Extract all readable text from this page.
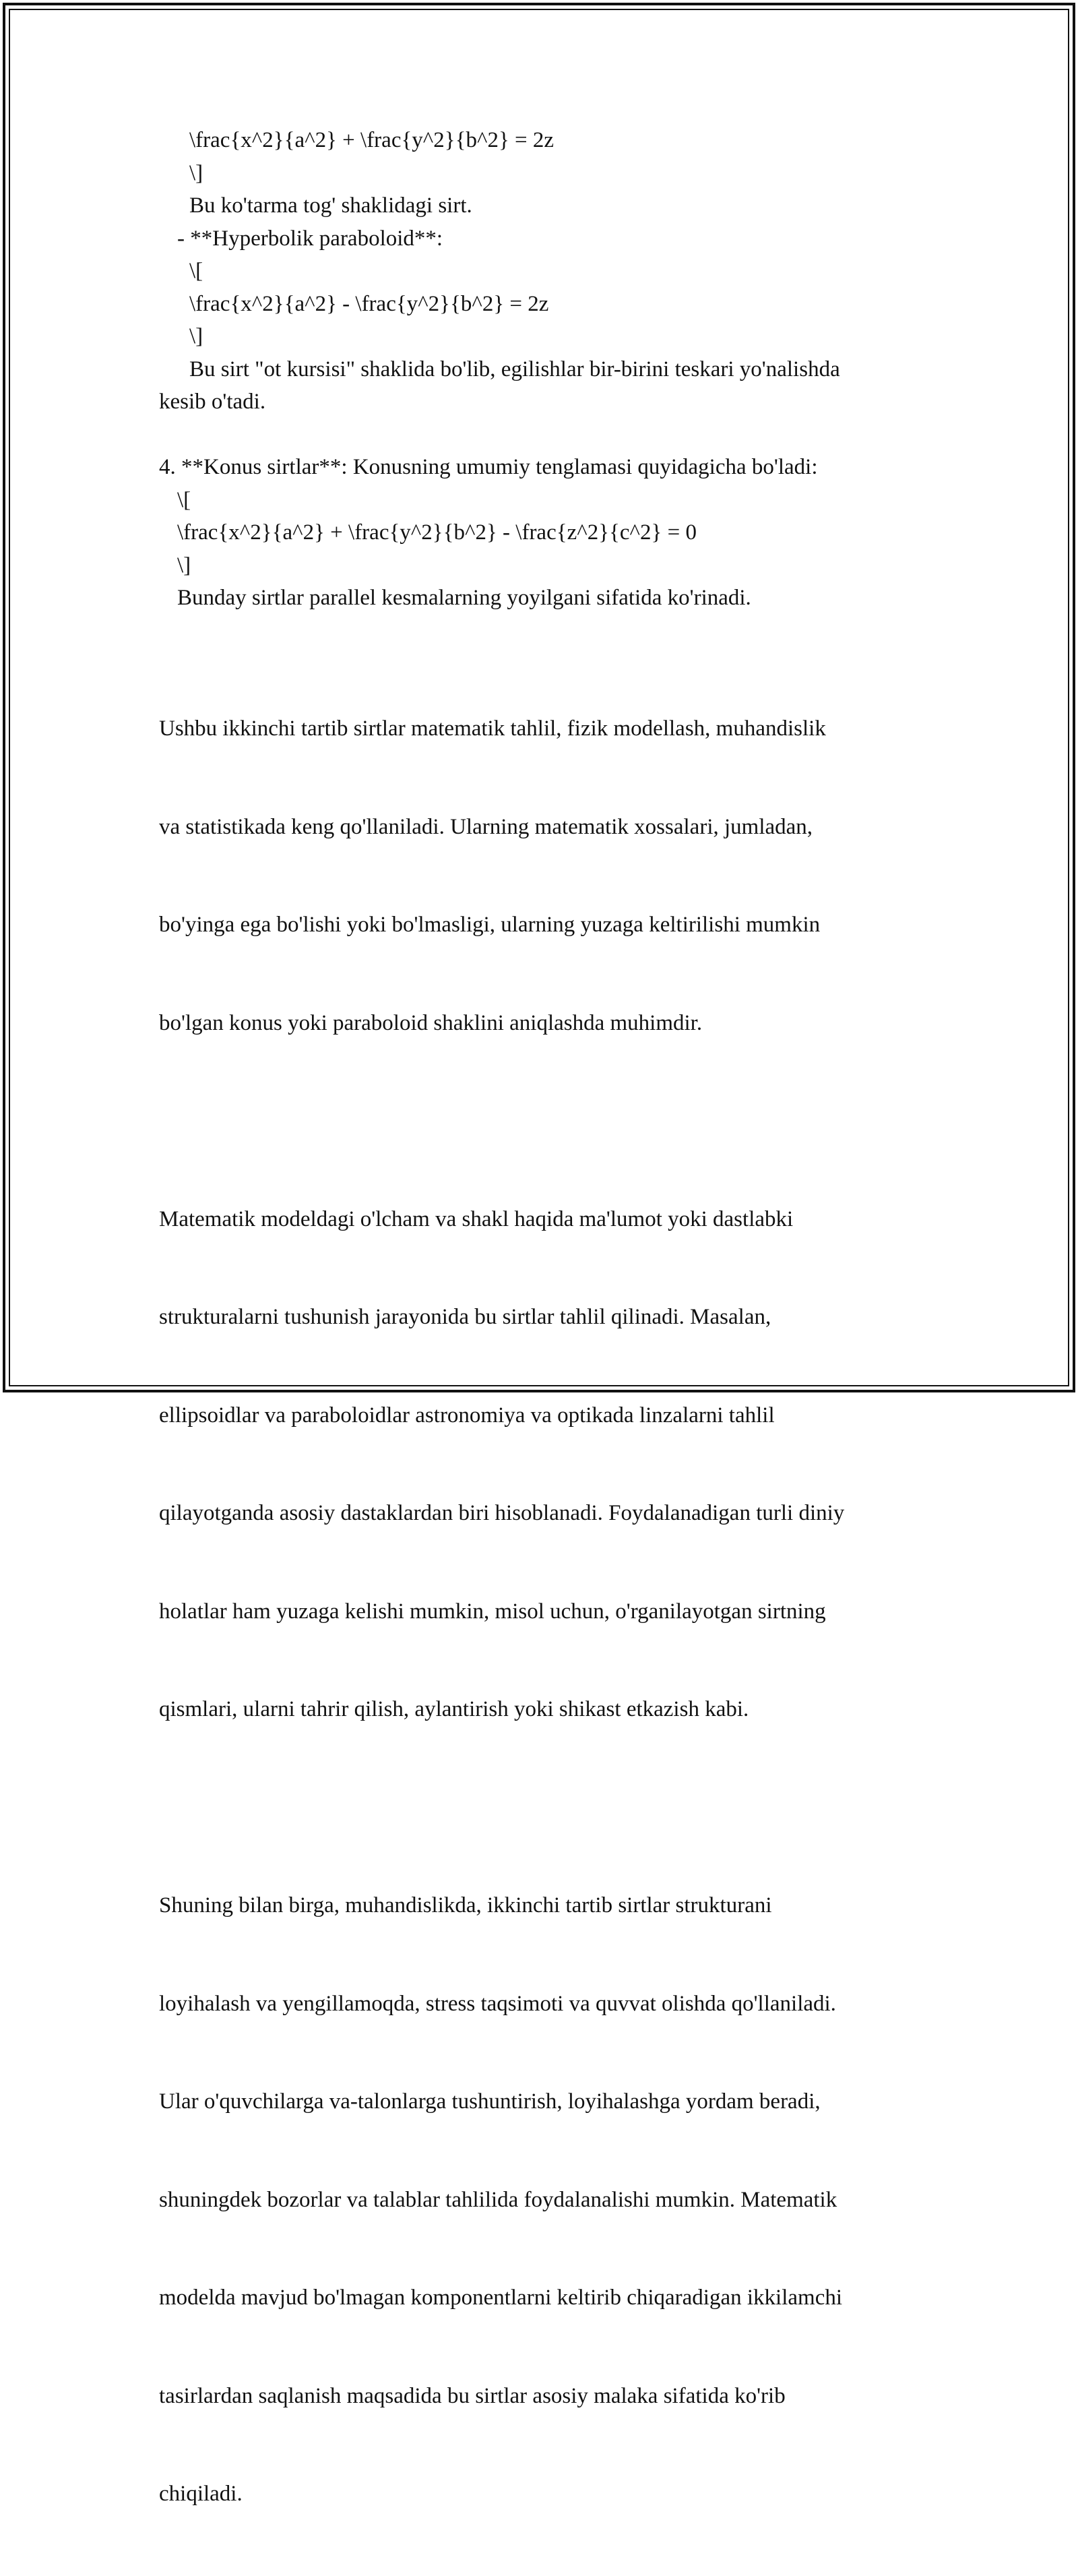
\frac{x^2}{a^2} + \frac{y^2}{b^2} = 2z
\]
Bu ko'tarma tog' shaklidagi sirt.
- **Hyperbolik paraboloid**:
\[
\frac{x^2}{a^2} - \frac{y^2}{b^2} = 2z
\]
Bu sirt "ot kursisi" shaklida bo'lib, egilishlar bir-birini teskari yo'nalishda
kesib o'tadi.
4. **Konus sirtlar**: Konusning umumiy tenglamasi quyidagicha bo'ladi:
\[
\frac{x^2}{a^2} + \frac{y^2}{b^2} - \frac{z^2}{c^2} = 0
\]
Bunday sirtlar parallel kesmalarning yoyilgani sifatida ko'rinadi.

Ushbu ikkinchi tartib sirtlar matematik tahlil, fizik modellash, muhandislik

va statistikada keng qo'llaniladi. Ularning matematik xossalari, jumladan,

bo'yinga ega bo'lishi yoki bo'lmasligi, ularning yuzaga keltirilishi mumkin

bo'lgan konus yoki paraboloid shaklini aniqlashda muhimdir.

Matematik modeldagi o'lcham va shakl haqida ma'lumot yoki dastlabki

strukturalarni tushunish jarayonida bu sirtlar tahlil qilinadi. Masalan,

ellipsoidlar va paraboloidlar astronomiya va optikada linzalarni tahlil

qilayotganda asosiy dastaklardan biri hisoblanadi. Foydalanadigan turli diniy

holatlar ham yuzaga kelishi mumkin, misol uchun, o'rganilayotgan sirtning

qismlari, ularni tahrir qilish, aylantirish yoki shikast etkazish kabi.

Shuning bilan birga, muhandislikda, ikkinchi tartib sirtlar strukturani

loyihalash va yengillamoqda, stress taqsimoti va quvvat olishda qo'llaniladi.

Ular o'quvchilarga va-talonlarga tushuntirish, loyihalashga yordam beradi,

shuningdek bozorlar va talablar tahlilida foydalanalishi mumkin. Matematik

modelda mavjud bo'lmagan komponentlarni keltirib chiqaradigan ikkilamchi

tasirlardan saqlanish maqsadida bu sirtlar asosiy malaka sifatida ko'rib

chiqiladi.
